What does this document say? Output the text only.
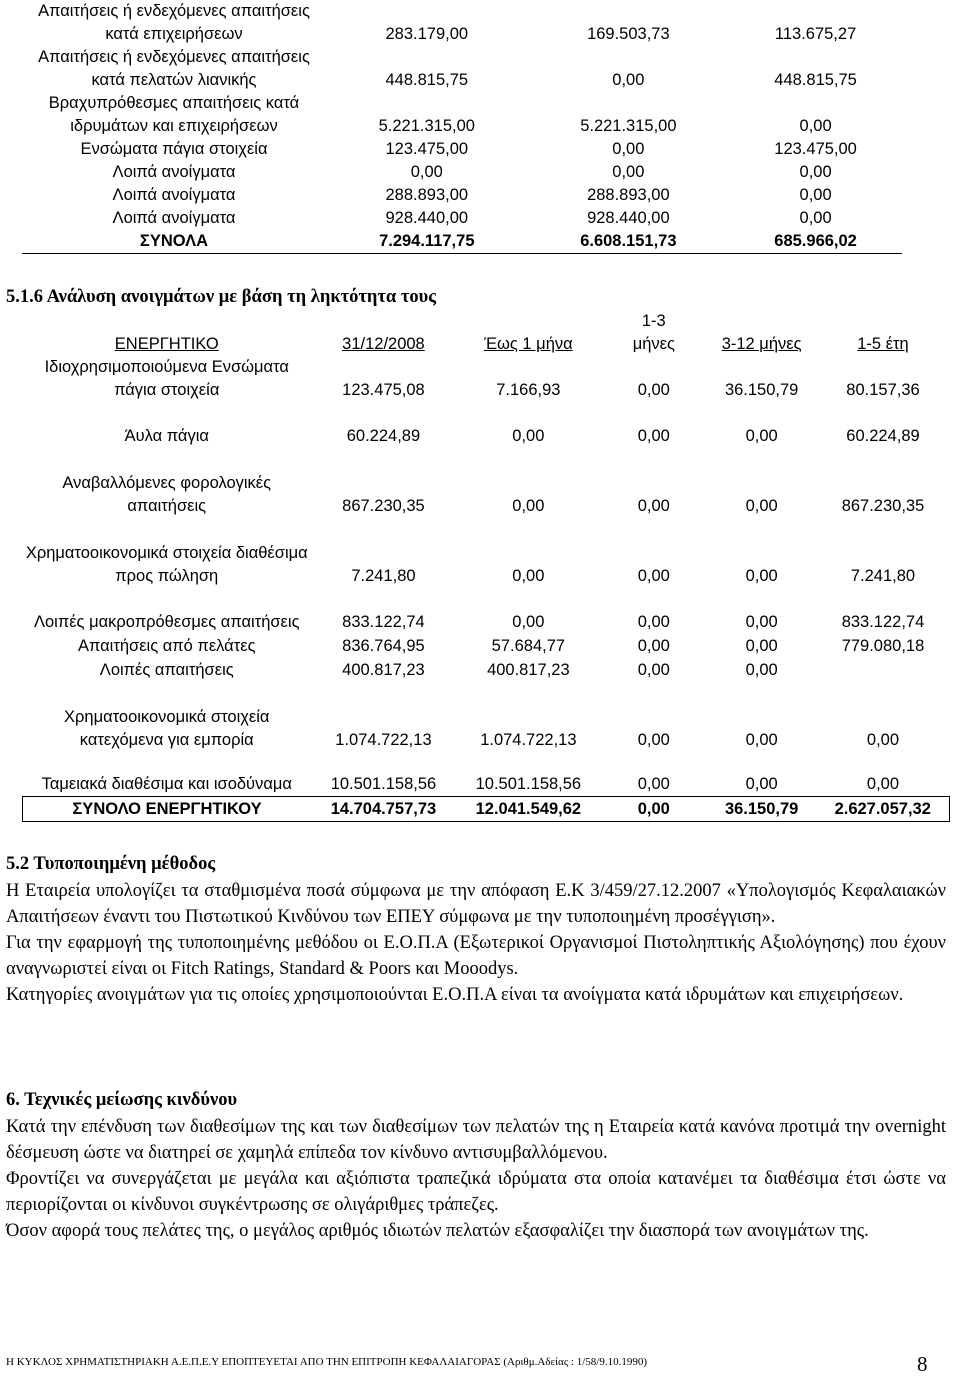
Απαιτήσεις ή ενδεχόμενες απαιτήσεις κατά επιχειρήσεων	283.179,00	169.503,73	113.675,27
Απαιτήσεις ή ενδεχόμενες απαιτήσεις κατά πελατών λιανικής	448.815,75	0,00	448.815,75
Βραχυπρόθεσμες απαιτήσεις κατά ιδρυμάτων και επιχειρήσεων	5.221.315,00	5.221.315,00	0,00
Ενσώματα πάγια στοιχεία	123.475,00	0,00	123.475,00
Λοιπά ανοίγματα	0,00	0,00	0,00
Λοιπά ανοίγματα	288.893,00	288.893,00	0,00
Λοιπά ανοίγματα	928.440,00	928.440,00	0,00
ΣΥΝΟΛΑ	7.294.117,75	6.608.151,73	685.966,02
5.1.6 Ανάλυση ανοιγμάτων με βάση τη ληκτότητα τους
ΕΝΕΡΓΗΤΙΚΟ	31/12/2008	Έως 1 μήνα	1-3 μήνες	3-12 μήνες	1-5 έτη
Ιδιοχρησιμοποιούμενα Ενσώματα πάγια στοιχεία	123.475,08	7.166,93	0,00	36.150,79	80.157,36
Άυλα πάγια	60.224,89	0,00	0,00	0,00	60.224,89
Αναβαλλόμενες φορολογικές απαιτήσεις	867.230,35	0,00	0,00	0,00	867.230,35
Χρηματοοικονομικά στοιχεία διαθέσιμα προς πώληση	7.241,80	0,00	0,00	0,00	7.241,80
Λοιπές μακροπρόθεσμες απαιτήσεις	833.122,74	0,00	0,00	0,00	833.122,74
Απαιτήσεις από πελάτες	836.764,95	57.684,77	0,00	0,00	779.080,18
Λοιπές απαιτήσεις	400.817,23	400.817,23	0,00	0,00	
Χρηματοοικονομικά στοιχεία κατεχόμενα για εμπορία	1.074.722,13	1.074.722,13	0,00	0,00	0,00
Ταμειακά διαθέσιμα και ισοδύναμα	10.501.158,56	10.501.158,56	0,00	0,00	0,00
ΣΥΝΟΛΟ ΕΝΕΡΓΗΤΙΚΟΥ	14.704.757,73	12.041.549,62	0,00	36.150,79	2.627.057,32
5.2 Τυποποιημένη μέθοδος

Η Εταιρεία υπολογίζει τα σταθμισμένα ποσά σύμφωνα με την απόφαση Ε.Κ 3/459/27.12.2007 «Υπολογισμός Κεφαλαιακών Απαιτήσεων έναντι του Πιστωτικού Κινδύνου των ΕΠΕΥ σύμφωνα με την τυποποιημένη προσέγγιση».

Για την εφαρμογή της τυποποιημένης μεθόδου οι Ε.Ο.Π.Α (Εξωτερικοί Οργανισμοί Πιστοληπτικής Αξιολόγησης) που έχουν αναγνωριστεί είναι οι Fitch Ratings, Standard & Poors και Mooodys.

Κατηγορίες ανοιγμάτων για τις οποίες χρησιμοποιούνται Ε.Ο.Π.Α είναι τα ανοίγματα κατά ιδρυμάτων και επιχειρήσεων.

6. Τεχνικές μείωσης κινδύνου

Κατά την επένδυση των διαθεσίμων της και των διαθεσίμων των πελατών της η Εταιρεία κατά κανόνα προτιμά την overnight δέσμευση ώστε να διατηρεί σε χαμηλά επίπεδα τον κίνδυνο αντισυμβαλλόμενου.

Φροντίζει να συνεργάζεται με μεγάλα και αξιόπιστα τραπεζικά ιδρύματα στα οποία κατανέμει τα διαθέσιμα έτσι ώστε να περιορίζονται οι κίνδυνοι συγκέντρωσης σε ολιγάριθμες τράπεζες.

Όσον αφορά τους πελάτες της, ο μεγάλος αριθμός ιδιωτών πελατών εξασφαλίζει την διασπορά των ανοιγμάτων της.

Η ΚΥΚΛΟΣ ΧΡΗΜΑΤΙΣΤΗΡΙΑΚΗ Α.Ε.Π.Ε.Υ ΕΠΟΠΤΕΥΕΤΑΙ ΑΠΟ ΤΗΝ ΕΠΙΤΡΟΠΗ ΚΕΦΑΛΑΙΑΓΟΡΑΣ (Αριθμ.Αδείας : 1/58/9.10.1990)	8
